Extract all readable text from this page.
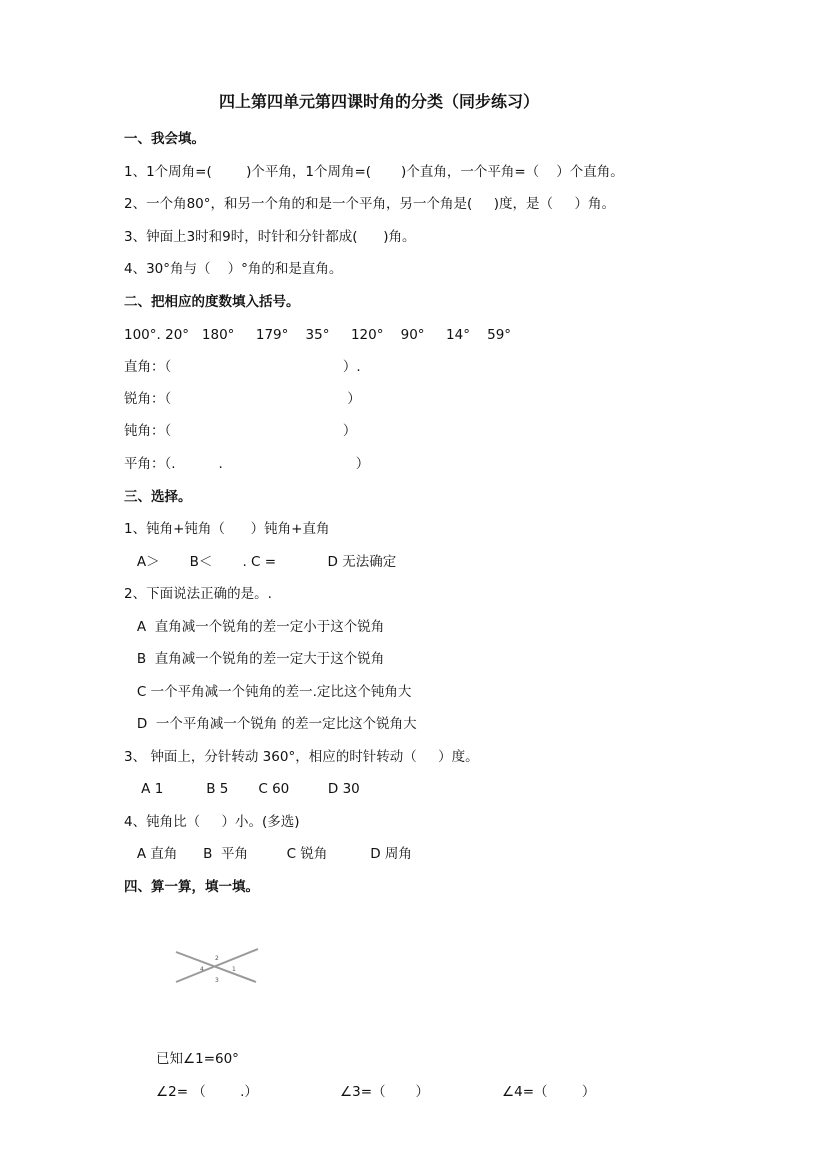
四上第四单元第四课时角的分类（同步练习）
一、我会填。
1、1个周角=(        )个平角，1个周角=(       )个直角，一个平角=（    ）个直角。
2、一个角80°，和另一个角的和是一个平角，另一个角是(     )度，是（     ）角。
3、钟面上3时和9时，时针和分针都成(      )角。
4、30°角与（    ）°角的和是直角。
二、把相应的度数填入括号。
100°. 20°   180°     179°    35°     120°    90°     14°    59°
直角：（                                        ）.
锐角：（                                         ）
钝角：（                                        ）
平角：（.          .                               ）
三、选择。
1、钝角+钝角（      ）钝角+直角
A＞       B＜       . C =            D 无法确定
2、下面说法正确的是。.
A  直角减一个锐角的差一定小于这个锐角
B  直角减一个锐角的差一定大于这个锐角
C 一个平角减一个钝角的差一.定比这个钝角大
D  一个平角减一个锐角 的差一定比这个锐角大
3、 钟面上，分针转动 360°，相应的时针转动（     ）度。
A 1          B 5       C 60         D 30
4、钝角比（     ）小。(多选)
A 直角      B  平角         C 锐角          D 周角
四、算一算，填一填。
2
4
3
1
已知∠1=60°
∠2= （        .）	∠3=（       ）	∠4=（        ）
